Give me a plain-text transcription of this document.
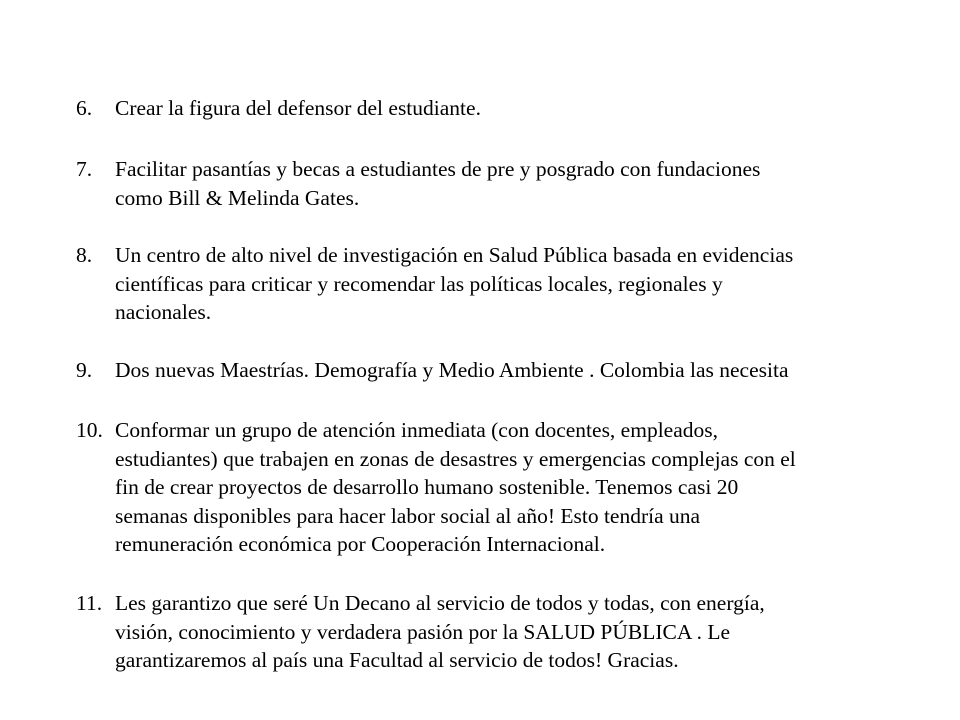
6.	Crear la figura del defensor del estudiante.
7.	Facilitar pasantías y becas a estudiantes de pre y posgrado con fundaciones
como Bill & Melinda Gates.
8.	Un centro de alto nivel de investigación en Salud Pública basada en evidencias
científicas para criticar y recomendar las políticas locales, regionales y
nacionales.
9.	Dos nuevas Maestrías. Demografía y Medio Ambiente . Colombia las necesita
10. Conformar un grupo de atención inmediata (con docentes, empleados,
estudiantes) que trabajen en zonas de desastres y emergencias complejas con el
fin de crear proyectos de desarrollo humano sostenible. Tenemos casi 20
semanas disponibles para hacer labor social al año! Esto tendría una
remuneración económica por Cooperación Internacional.
11. Les garantizo que seré Un Decano al servicio de todos y todas, con energía,
visión, conocimiento y verdadera pasión por la SALUD PÚBLICA . Le
garantizaremos al país una Facultad al servicio de todos! Gracias.
